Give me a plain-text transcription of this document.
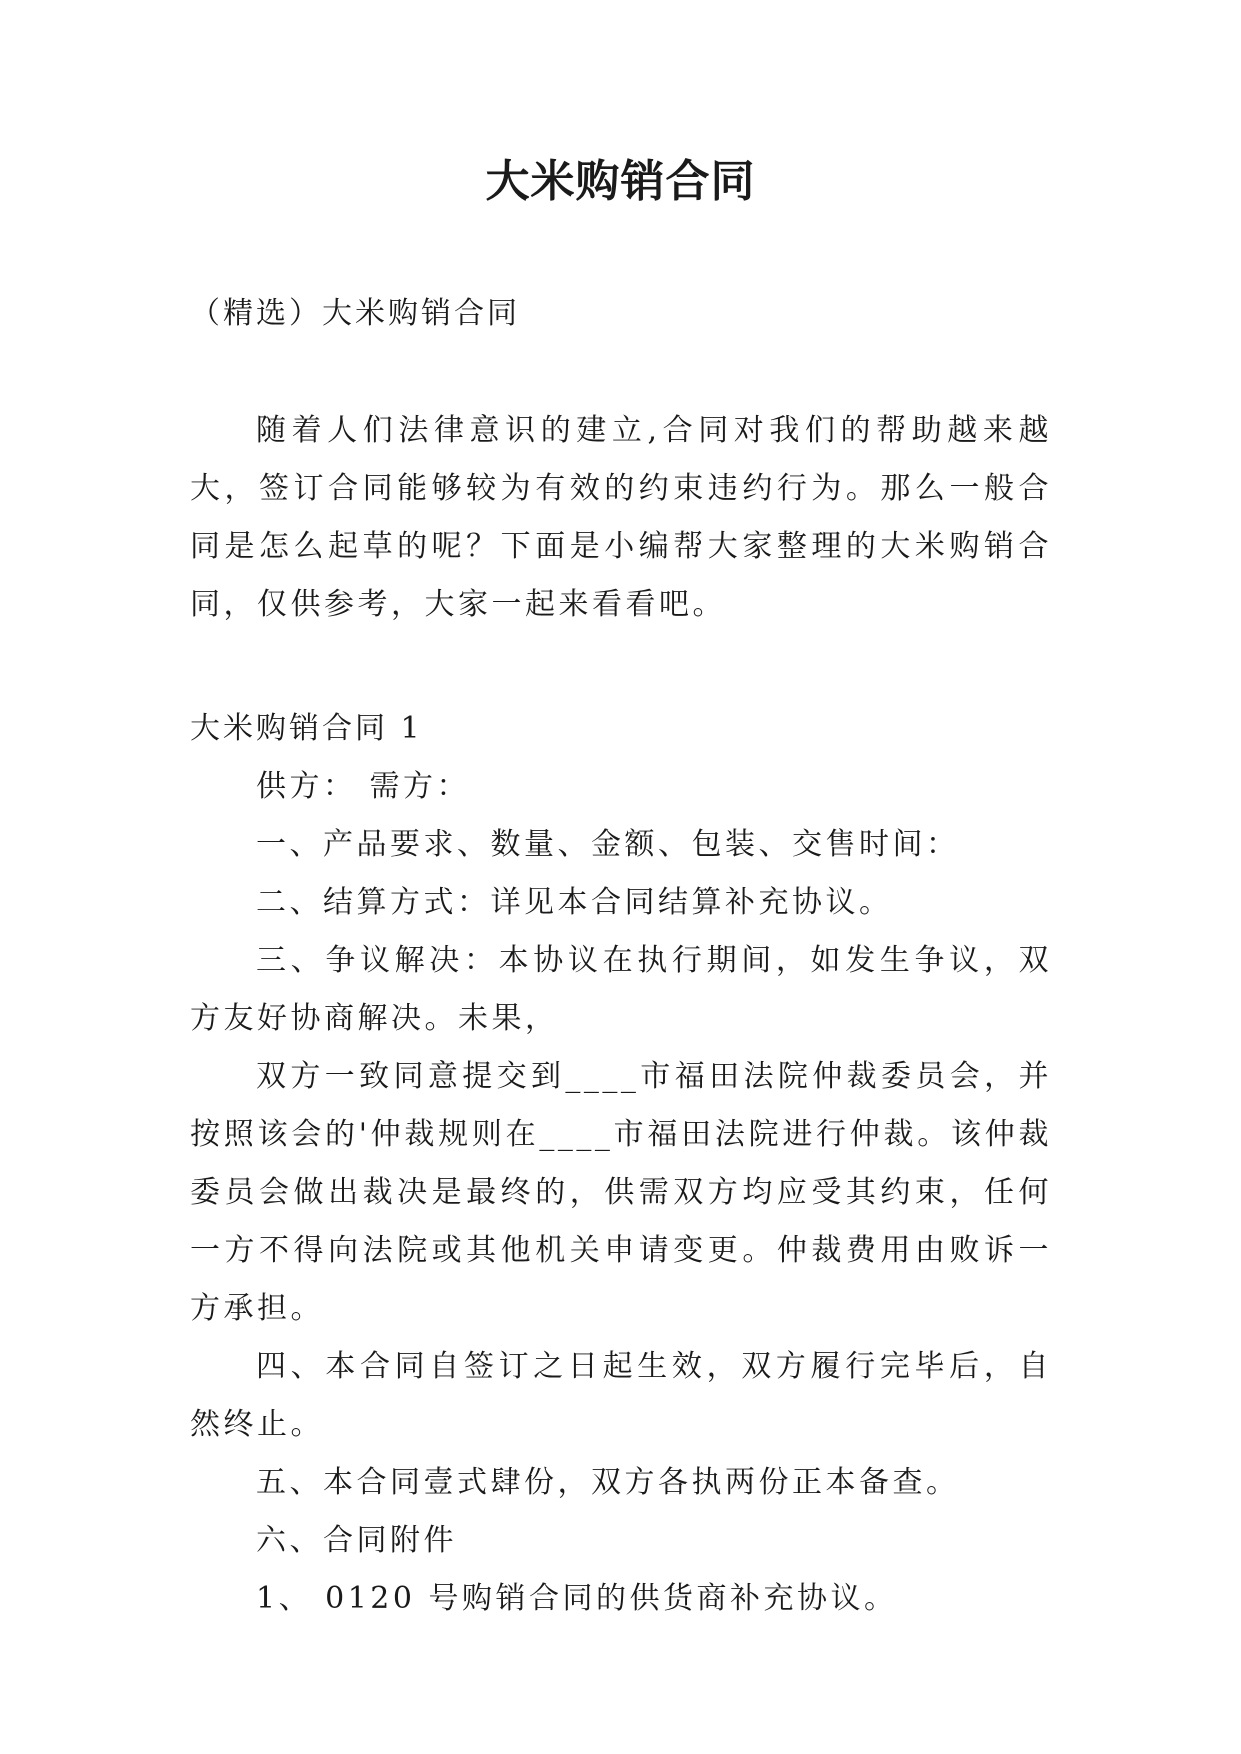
大米购销合同
（精选）大米购销合同

随着人们法律意识的建立,合同对我们的帮助越来越大，签订合同能够较为有效的约束违约行为。那么一般合同是怎么起草的呢？下面是小编帮大家整理的大米购销合同，仅供参考，大家一起来看看吧。

大米购销合同 1

供方： 需方：

一、产品要求、数量、金额、包装、交售时间：

二、结算方式：详见本合同结算补充协议。

三、争议解决：本协议在执行期间，如发生争议，双方友好协商解决。未果，

双方一致同意提交到____市福田法院仲裁委员会，并按照该会的'仲裁规则在____市福田法院进行仲裁。该仲裁委员会做出裁决是最终的，供需双方均应受其约束，任何一方不得向法院或其他机关申请变更。仲裁费用由败诉一方承担。

四、本合同自签订之日起生效，双方履行完毕后，自然终止。

五、本合同壹式肆份，双方各执两份正本备查。

六、合同附件

1、 0120 号购销合同的供货商补充协议。
